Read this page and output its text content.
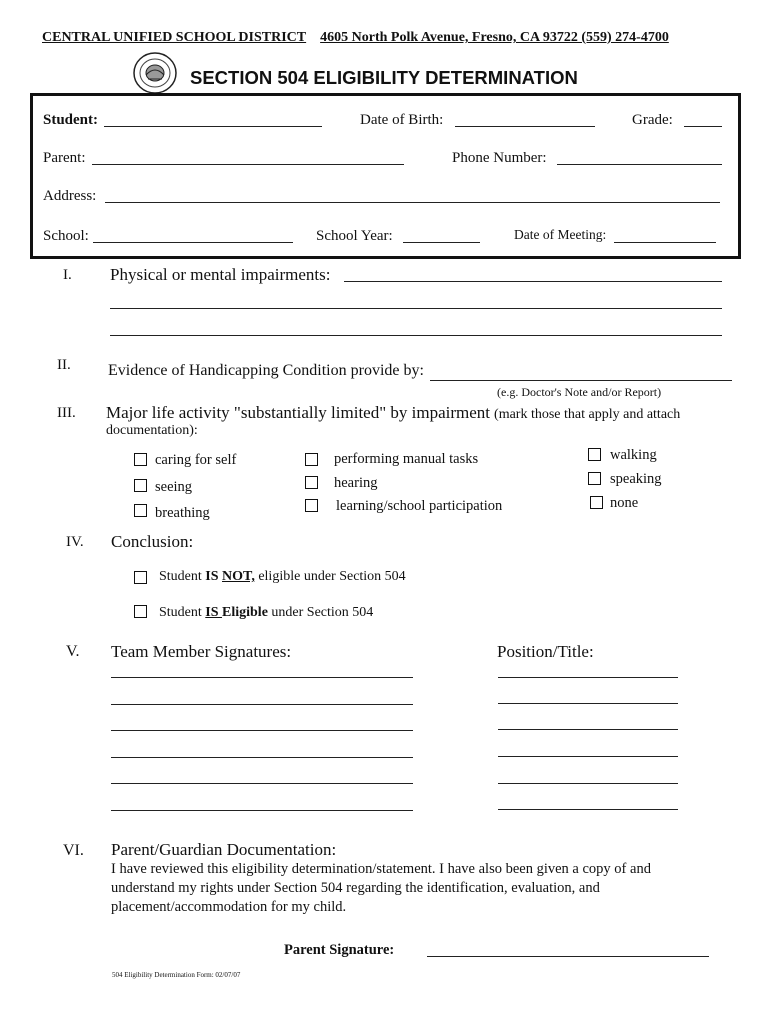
CENTRAL UNIFIED SCHOOL DISTRICT 4605 North Polk Avenue, Fresno, CA 93722 (559) 274-4700
SECTION 504 ELIGIBILITY DETERMINATION
Student:	Date of Birth:	Grade:
Parent:	Phone Number:
Address:
School:	School Year:	Date of Meeting:
I. Physical or mental impairments:
II. Evidence of Handicapping Condition provide by:
(e.g. Doctor's Note and/or Report)
III. Major life activity "substantially limited" by impairment (mark those that apply and attach
documentation):
caring for self
seeing
breathing
performing manual tasks
hearing
learning/school participation
walking
speaking
none
IV. Conclusion:
Student IS NOT, eligible under Section 504
Student IS Eligible under Section 504
V. Team Member Signatures:	Position/Title:
VI. Parent/Guardian Documentation:
I have reviewed this eligibility determination/statement. I have also been given a copy of and understand my rights under Section 504 regarding the identification, evaluation, and placement/accommodation for my child.
Parent Signature:
504 Eligibility Determination Form: 02/07/07
